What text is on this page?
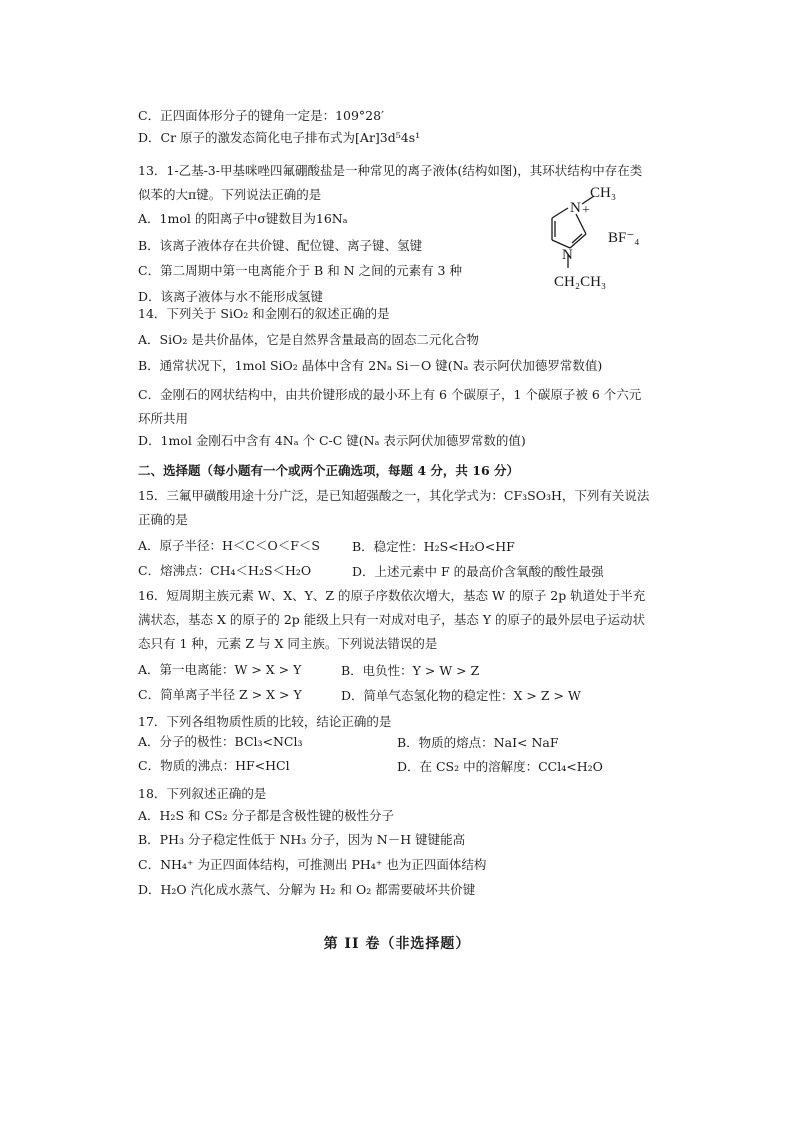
C．正四面体形分子的键角一定是：109°28′
D．Cr 原子的激发态简化电子排布式为[Ar]3d⁵4s¹
13．1-乙基-3-甲基咪唑四氟硼酸盐是一种常见的离子液体(结构如图)，其环状结构中存在类
似苯的大π键。下列说法正确的是
A．1mol 的阳离子中σ键数目为16Nₐ
B．该离子液体存在共价键、配位键、离子键、氢键
C．第二周期中第一电离能介于 B 和 N 之间的元素有 3 种
D．该离子液体与水不能形成氢键
N +
CH₃
N
CH₂CH₃
BF⁻₄
14．下列关于 SiO₂ 和金刚石的叙述正确的是
A．SiO₂ 是共价晶体，它是自然界含量最高的固态二元化合物
B．通常状况下，1mol SiO₂ 晶体中含有 2Nₐ Si－O 键(Nₐ 表示阿伏加德罗常数值)
C．金刚石的网状结构中，由共价键形成的最小环上有 6 个碳原子，1 个碳原子被 6 个六元
环所共用
D．1mol 金刚石中含有 4Nₐ 个 C-C 键(Nₐ 表示阿伏加德罗常数的值)
二、选择题（每小题有一个或两个正确选项，每题 4 分，共 16 分）
15．三氟甲磺酸用途十分广泛，是已知超强酸之一，其化学式为：CF₃SO₃H，下列有关说法
正确的是
A．原子半径：H＜C＜O＜F＜S	B．稳定性：H₂S<H₂O<HF
C．熔沸点：CH₄＜H₂S＜H₂O	D．上述元素中 F 的最高价含氧酸的酸性最强
16．短周期主族元素 W、X、Y、Z 的原子序数依次增大，基态 W 的原子 2p 轨道处于半充
满状态，基态 X 的原子的 2p 能级上只有一对成对电子，基态 Y 的原子的最外层电子运动状
态只有 1 种，元素 Z 与 X 同主族。下列说法错误的是
A．第一电离能：W > X > Y	B．电负性：Y > W > Z
C．简单离子半径 Z > X > Y	D．简单气态氢化物的稳定性：X > Z > W
17．下列各组物质性质的比较，结论正确的是
A．分子的极性：BCl₃<NCl₃	B．物质的熔点：NaI< NaF
C．物质的沸点：HF<HCl	D．在 CS₂ 中的溶解度：CCl₄<H₂O
18．下列叙述正确的是
A．H₂S 和 CS₂ 分子都是含极性键的极性分子
B．PH₃ 分子稳定性低于 NH₃ 分子，因为 N－H 键键能高
C．NH₄⁺ 为正四面体结构，可推测出 PH₄⁺ 也为正四面体结构
D．H₂O 汽化成水蒸气、分解为 H₂ 和 O₂ 都需要破坏共价键
第 II 卷（非选择题）
